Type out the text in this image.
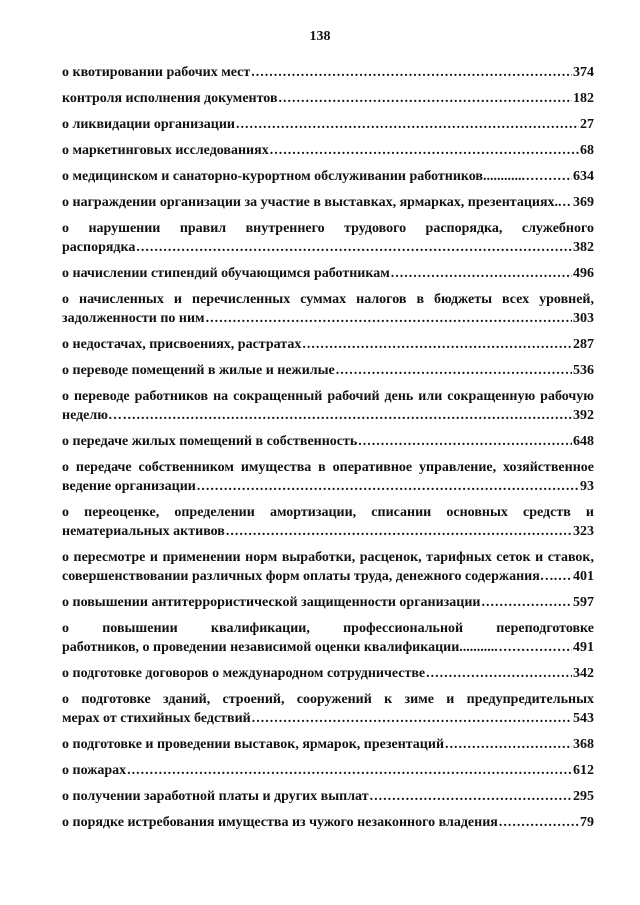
138
о квотировании рабочих мест .....	374
контроля исполнения документов .....	182
о ликвидации организации .....	27
о маркетинговых исследованиях .....	68
о медицинском и санаторно-курортном обслуживании работников............ .....	634
о награждении организации за участие в выставках, ярмарках, презентациях.. ..... 369
о нарушении правил внутреннего трудового распорядка, служебного
распорядка .....	382
о начислении стипендий обучающимся работникам .....	496
о начисленных и перечисленных суммах налогов в бюджеты всех уровней,
задолженности по ним .....	303
о недостачах, присвоениях, растратах .....	287
о переводе помещений в жилые и нежилые .....	536
о переводе работников на сокращенный рабочий день или сокращенную рабочую
неделю… .....	392
о передаче жилых помещений в собственность .....	648
о передаче собственником имущества в оперативное управление, хозяйственное
ведение организации .....	93
о переоценке, определении амортизации, списании основных средств и
нематериальных активов .....	323
о пересмотре и применении норм выработки, расценок, тарифных сеток и ставок,
совершенствовании различных форм оплаты труда, денежного содержания…. ..... 401
о повышении антитеррористической защищенности организации .....	597
о повышении квалификации, профессиональной переподготовке
работников, о проведении независимой оценки квалификации........... .....	491
о подготовке договоров о международном сотрудничестве .....	342
о подготовке зданий, строений, сооружений к зиме и предупредительных
мерах от стихийных бедствий .....	543
о подготовке и проведении выставок, ярмарок, презентаций .....	368
о пожарах .....	612
о получении заработной платы и других выплат .....	295
о порядке истребования имущества из чужого незаконного владения .....	79
